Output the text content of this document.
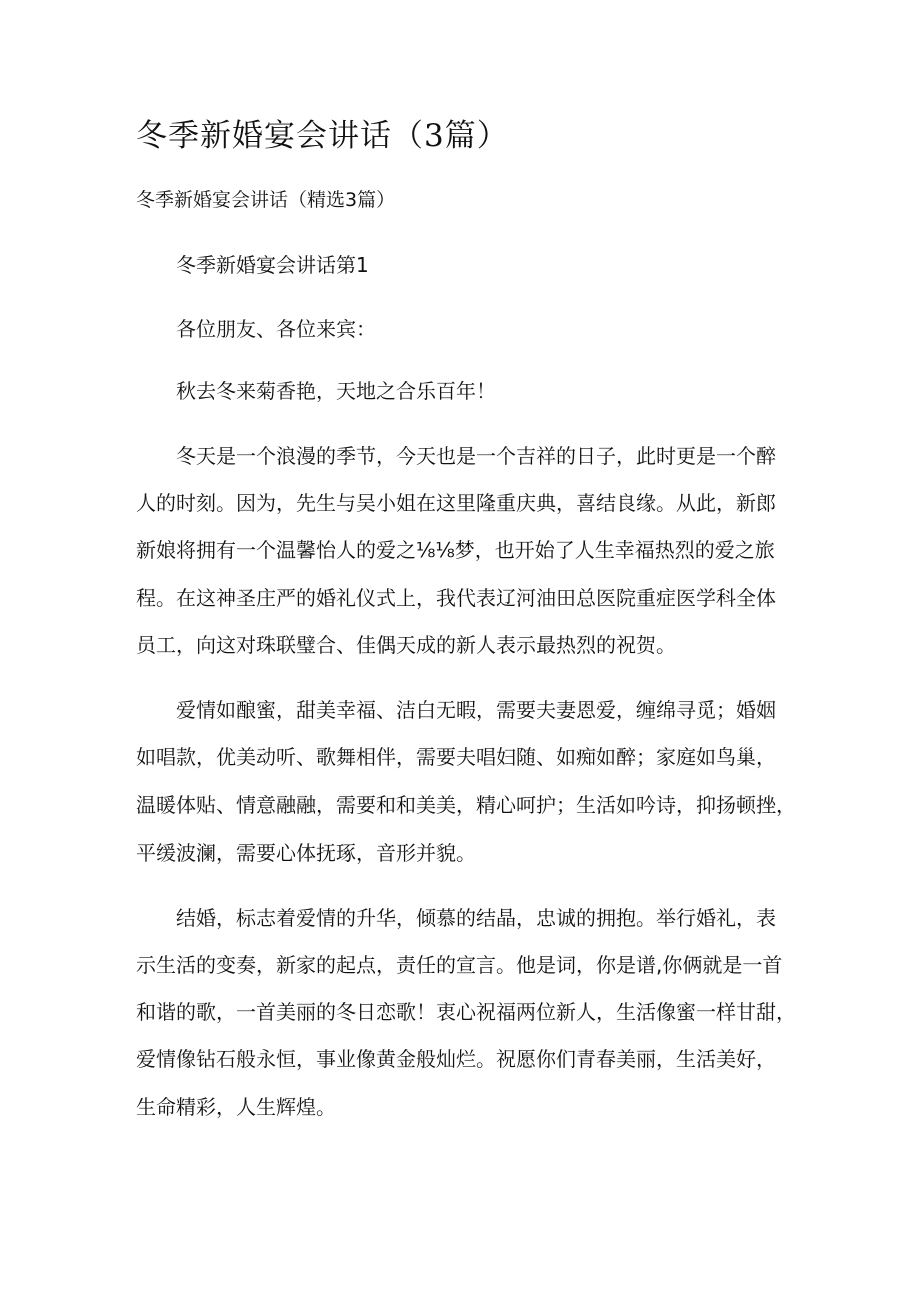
冬季新婚宴会讲话（3篇）
冬季新婚宴会讲话（精选3篇）
冬季新婚宴会讲话第1
各位朋友、各位来宾：
秋去冬来菊香艳，天地之合乐百年！
冬天是一个浪漫的季节，今天也是一个吉祥的日子，此时更是一个醉
人的时刻。因为，先生与吴小姐在这里隆重庆典，喜结良缘。从此，新郎
新娘将拥有一个温馨怡人的爱之⅛⅛梦，也开始了人生幸福热烈的爱之旅
程。在这神圣庄严的婚礼仪式上，我代表辽河油田总医院重症医学科全体
员工，向这对珠联璧合、佳偶天成的新人表示最热烈的祝贺。
爱情如酿蜜，甜美幸福、洁白无暇，需要夫妻恩爱，缠绵寻觅；婚姻
如唱款，优美动听、歌舞相伴，需要夫唱妇随、如痴如醉；家庭如鸟巢，
温暖体贴、情意融融，需要和和美美，精心呵护；生活如吟诗，抑扬顿挫，
平缓波澜，需要心体抚琢，音形并貌。
结婚，标志着爱情的升华，倾慕的结晶，忠诚的拥抱。举行婚礼，表
示生活的变奏，新家的起点，责任的宣言。他是词，你是谱,你俩就是一首
和谐的歌，一首美丽的冬日恋歌！衷心祝福两位新人，生活像蜜一样甘甜，
爱情像钻石般永恒，事业像黄金般灿烂。祝愿你们青春美丽，生活美好，
生命精彩，人生辉煌。
